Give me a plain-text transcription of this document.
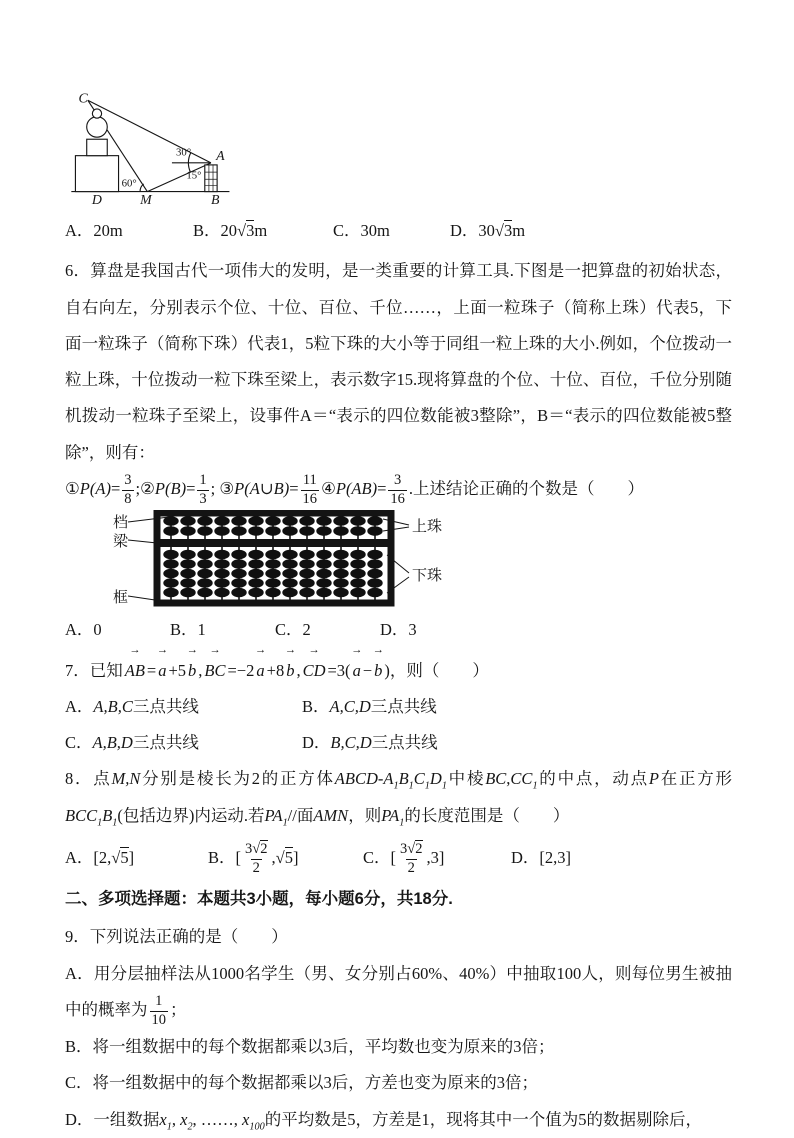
C
D	M
A
B
60°
30°
15°
A．20m	B．20√3m	C．30m	D．30√3m

6．算盘是我国古代一项伟大的发明，是一类重要的计算工具.下图是一把算盘的初始状态，自右向左，分别表示个位、十位、百位、千位……，上面一粒珠子（简称上珠）代表5，下面一粒珠子（简称下珠）代表1，5粒下珠的大小等于同组一粒上珠的大小.例如，个位拨动一粒上珠，十位拨动一粒下珠至梁上，表示数字15.现将算盘的个位、十位、百位，千位分别随机拨动一粒珠子至梁上，设事件A＝“表示的四位数能被3整除”，B＝“表示的四位数能被5整除”，则有：

①P(A)= $\frac{3}{8}$ ;②P(B)= $\frac{1}{3}$ ; ③P(A∪B)= $\frac{11}{16}$ ④P(AB)= $\frac{3}{16}$ .上述结论正确的个数是（　　）
档
梁
框
上珠
下珠
A．0	B．1	C．2	D．3
7．已知 AB → = a → +5 b → , BC → =−2 a → +8 b → , CD → =3( a → − b → )，则（　　）
A．A,B,C三点共线	B．A,C,D三点共线
C．A,B,D三点共线	D．B,C,D三点共线
8．点M,N分别是棱长为2的正方体ABCD-$A_1B_1C_1D_1$中棱$BC,CC_1$的中点，动点P在正方形$BCC_1B_1$(包括边界)内运动.若$PA_1//$面AMN，则$PA_1$的长度范围是（　　）
A．[2,√5]	B．[ $\frac{3√2}{2} ,√5$]	C．[ $\frac{3√2}{2} ,3$]	D．[2,3]
二、多项选择题：本题共3小题，每小题6分，共18分.
9．下列说法正确的是（　　）
A．用分层抽样法从1000名学生（男、女分别占60%、40%）中抽取100人，则每位男生被抽中的概率为 $\frac{1}{10}$ ；
B．将一组数据中的每个数据都乘以3后，平均数也变为原来的3倍；
C．将一组数据中的每个数据都乘以3后，方差也变为原来的3倍；
D．一组数据$x_1$, $x_2$, ……, $x_{100}$的平均数是5，方差是1，现将其中一个值为5的数据剔除后，
